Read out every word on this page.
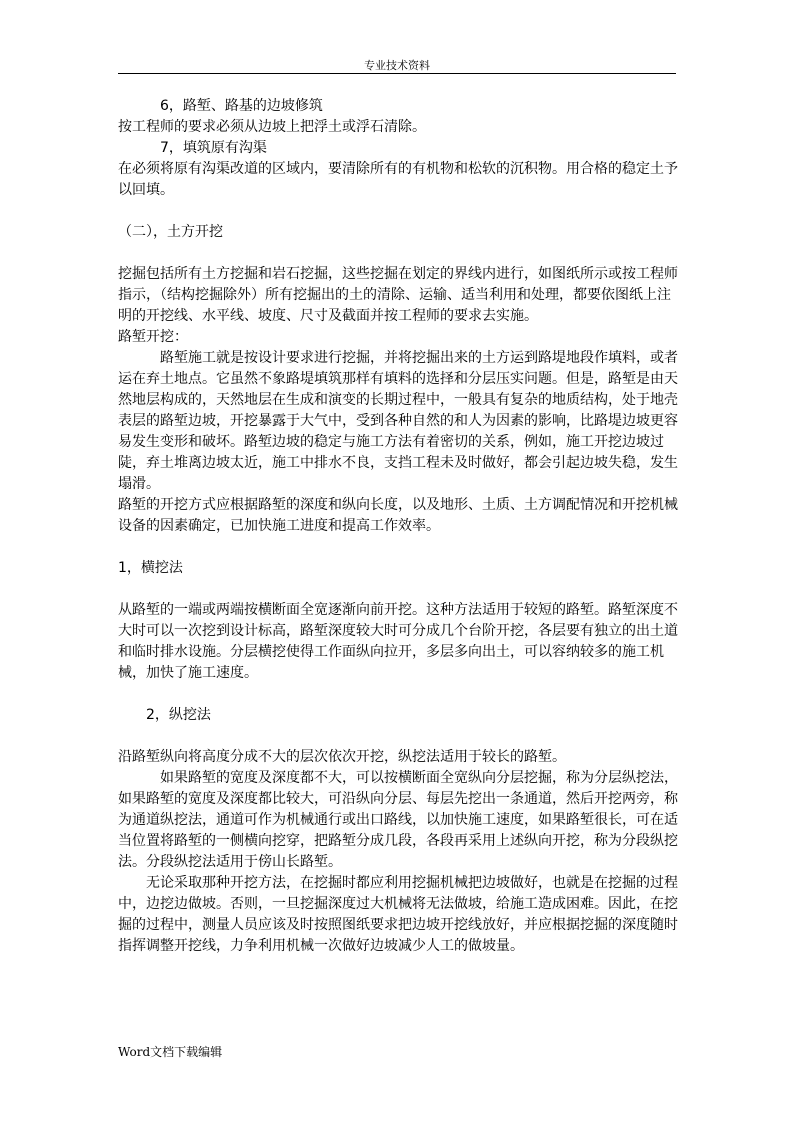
专业技术资料

6，路堑、路基的边坡修筑

按工程师的要求必须从边坡上把浮土或浮石清除。

7，填筑原有沟渠

在必须将原有沟渠改道的区域内，要清除所有的有机物和松软的沉积物。用合格的稳定土予以回填。

（二），土方开挖

挖掘包括所有土方挖掘和岩石挖掘，这些挖掘在划定的界线内进行，如图纸所示或按工程师指示，（结构挖掘除外）所有挖掘出的土的清除、运输、适当利用和处理，都要依图纸上注明的开挖线、水平线、坡度、尺寸及截面并按工程师的要求去实施。

路堑开挖：

路堑施工就是按设计要求进行挖掘，并将挖掘出来的土方运到路堤地段作填料，或者运在弃土地点。它虽然不象路堤填筑那样有填料的选择和分层压实问题。但是，路堑是由天然地层构成的，天然地层在生成和演变的长期过程中，一般具有复杂的地质结构，处于地壳表层的路堑边坡，开挖暴露于大气中，受到各种自然的和人为因素的影响，比路堤边坡更容易发生变形和破坏。路堑边坡的稳定与施工方法有着密切的关系，例如，施工开挖边坡过陡，弃土堆离边坡太近，施工中排水不良，支挡工程未及时做好，都会引起边坡失稳，发生塌滑。

路堑的开挖方式应根据路堑的深度和纵向长度，以及地形、土质、土方调配情况和开挖机械设备的因素确定，已加快施工进度和提高工作效率。

1，横挖法

从路堑的一端或两端按横断面全宽逐渐向前开挖。这种方法适用于较短的路堑。路堑深度不大时可以一次挖到设计标高，路堑深度较大时可分成几个台阶开挖，各层要有独立的出土道和临时排水设施。分层横挖使得工作面纵向拉开，多层多向出土，可以容纳较多的施工机械，加快了施工速度。

2，纵挖法

沿路堑纵向将高度分成不大的层次依次开挖，纵挖法适用于较长的路堑。

如果路堑的宽度及深度都不大，可以按横断面全宽纵向分层挖掘，称为分层纵挖法，如果路堑的宽度及深度都比较大，可沿纵向分层、每层先挖出一条通道，然后开挖两旁，称为通道纵挖法，通道可作为机械通行或出口路线，以加快施工速度，如果路堑很长，可在适当位置将路堑的一侧横向挖穿，把路堑分成几段，各段再采用上述纵向开挖，称为分段纵挖法。分段纵挖法适用于傍山长路堑。

无论采取那种开挖方法，在挖掘时都应利用挖掘机械把边坡做好，也就是在挖掘的过程中，边挖边做坡。否则，一旦挖掘深度过大机械将无法做坡，给施工造成困难。因此，在挖掘的过程中，测量人员应该及时按照图纸要求把边坡开挖线放好，并应根据挖掘的深度随时指挥调整开挖线，力争利用机械一次做好边坡减少人工的做坡量。

Word文档下载编辑
